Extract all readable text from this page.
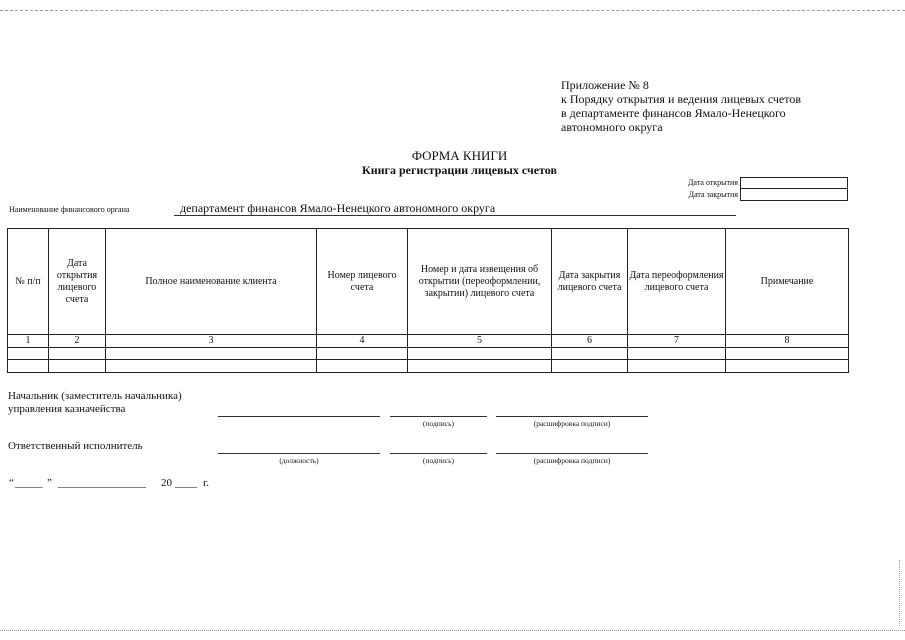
Приложение № 8
к Порядку открытия и ведения лицевых счетов
в департаменте финансов Ямало-Ненецкого
автономного округа
ФОРМА КНИГИ
Книга регистрации лицевых счетов
Дата открытия
Дата закрытия
Наименование финансового органа	департамент финансов Ямало-Ненецкого автономного округа
№ п/п	Дата открытия лицевого счета	Полное наименование клиента	Номер лицевого счета	Номер и дата извещения об открытии (переоформлении, закрытии) лицевого счета	Дата закрытия лицевого счета	Дата переоформления лицевого счета	Примечание
1	2	3	4	5	6	7	8

Начальник (заместитель начальника)
управления казначейства
(подпись)	(расшифровка подписи)
Ответственный исполнитель
(должность)	(подпись)	(расшифровка подписи)
“ _____ ” ________________ 20 ____ г.
